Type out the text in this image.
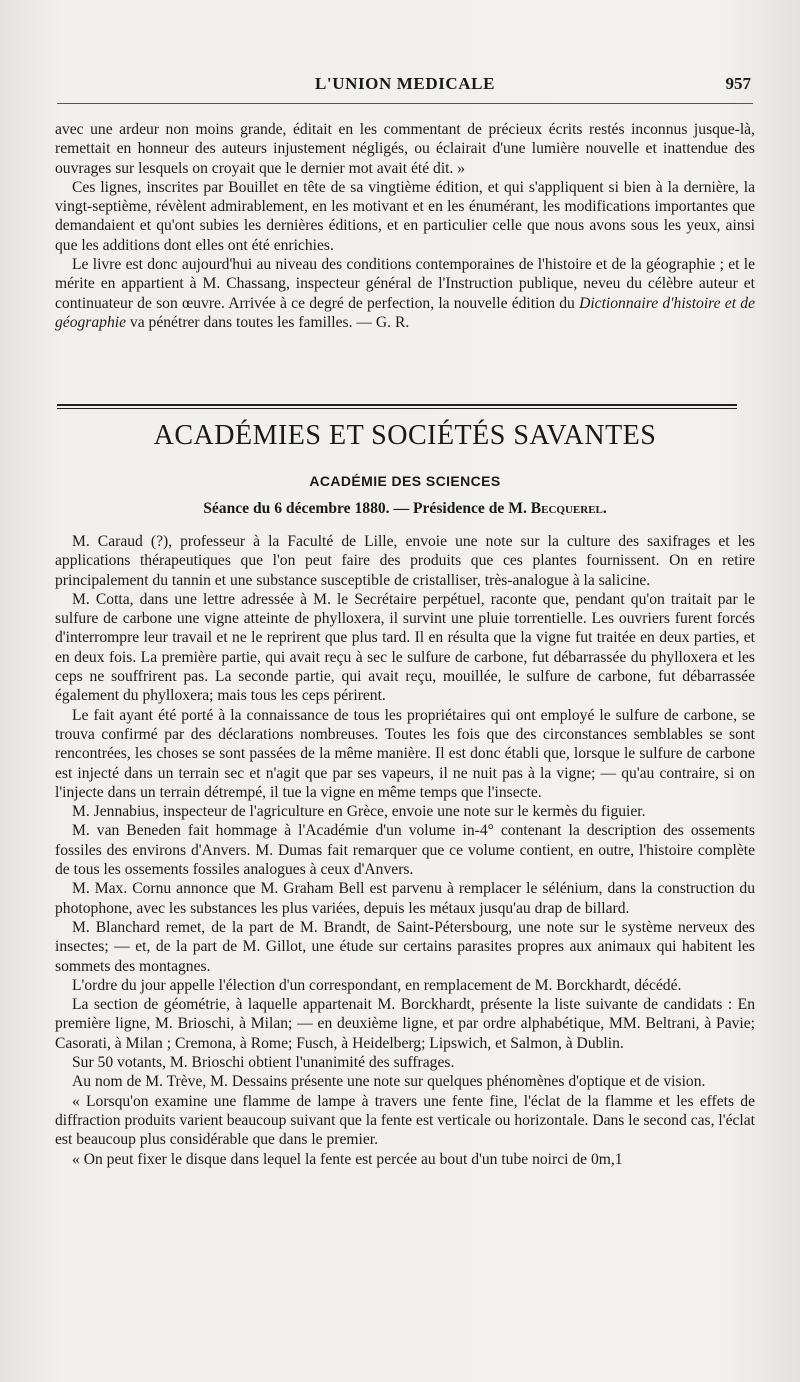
L'UNION MEDICALE	957

avec une ardeur non moins grande, éditait en les commentant de précieux écrits restés inconnus jusque-là, remettait en honneur des auteurs injustement négligés, ou éclairait d'une lumière nouvelle et inattendue des ouvrages sur lesquels on croyait que le dernier mot avait été dit. »

Ces lignes, inscrites par Bouillet en tête de sa vingtième édition, et qui s'appliquent si bien à la dernière, la vingt-septième, révèlent admirablement, en les motivant et en les énumérant, les modifications importantes que demandaient et qu'ont subies les dernières éditions, et en particulier celle que nous avons sous les yeux, ainsi que les additions dont elles ont été enrichies.

Le livre est donc aujourd'hui au niveau des conditions contemporaines de l'histoire et de la géographie ; et le mérite en appartient à M. Chassang, inspecteur général de l'Instruction publique, neveu du célèbre auteur et continuateur de son œuvre. Arrivée à ce degré de perfection, la nouvelle édition du Dictionnaire d'histoire et de géographie va pénétrer dans toutes les familles. — G. R.

ACADÉMIES ET SOCIÉTÉS SAVANTES
ACADÉMIE DES SCIENCES
Séance du 6 décembre 1880. — Présidence de M. Becquerel.

M. Caraud (?), professeur à la Faculté de Lille, envoie une note sur la culture des saxifrages et les applications thérapeutiques que l'on peut faire des produits que ces plantes fournissent. On en retire principalement du tannin et une substance susceptible de cristalliser, très-analogue à la salicine.

M. Cotta, dans une lettre adressée à M. le Secrétaire perpétuel, raconte que, pendant qu'on traitait par le sulfure de carbone une vigne atteinte de phylloxera, il survint une pluie torrentielle. Les ouvriers furent forcés d'interrompre leur travail et ne le reprirent que plus tard. Il en résulta que la vigne fut traitée en deux parties, et en deux fois. La première partie, qui avait reçu à sec le sulfure de carbone, fut débarrassée du phylloxera et les ceps ne souffrirent pas. La seconde partie, qui avait reçu, mouillée, le sulfure de carbone, fut débarrassée également du phylloxera; mais tous les ceps périrent.

Le fait ayant été porté à la connaissance de tous les propriétaires qui ont employé le sulfure de carbone, se trouva confirmé par des déclarations nombreuses. Toutes les fois que des circonstances semblables se sont rencontrées, les choses se sont passées de la même manière. Il est donc établi que, lorsque le sulfure de carbone est injecté dans un terrain sec et n'agit que par ses vapeurs, il ne nuit pas à la vigne; — qu'au contraire, si on l'injecte dans un terrain détrempé, il tue la vigne en même temps que l'insecte.

M. Jennabius, inspecteur de l'agriculture en Grèce, envoie une note sur le kermès du figuier.

M. van Beneden fait hommage à l'Académie d'un volume in-4° contenant la description des ossements fossiles des environs d'Anvers. M. Dumas fait remarquer que ce volume contient, en outre, l'histoire complète de tous les ossements fossiles analogues à ceux d'Anvers.

M. Max. Cornu annonce que M. Graham Bell est parvenu à remplacer le sélénium, dans la construction du photophone, avec les substances les plus variées, depuis les métaux jusqu'au drap de billard.

M. Blanchard remet, de la part de M. Brandt, de Saint-Pétersbourg, une note sur le système nerveux des insectes; — et, de la part de M. Gillot, une étude sur certains parasites propres aux animaux qui habitent les sommets des montagnes.

L'ordre du jour appelle l'élection d'un correspondant, en remplacement de M. Borckhardt, décédé.

La section de géométrie, à laquelle appartenait M. Borckhardt, présente la liste suivante de candidats : En première ligne, M. Brioschi, à Milan; — en deuxième ligne, et par ordre alphabétique, MM. Beltrani, à Pavie; Casorati, à Milan ; Cremona, à Rome; Fusch, à Heidelberg; Lipswich, et Salmon, à Dublin.

Sur 50 votants, M. Brioschi obtient l'unanimité des suffrages.

Au nom de M. Trève, M. Dessains présente une note sur quelques phénomènes d'optique et de vision.

« Lorsqu'on examine une flamme de lampe à travers une fente fine, l'éclat de la flamme et les effets de diffraction produits varient beaucoup suivant que la fente est verticale ou horizontale. Dans le second cas, l'éclat est beaucoup plus considérable que dans le premier.

« On peut fixer le disque dans lequel la fente est percée au bout d'un tube noirci de 0m,1
